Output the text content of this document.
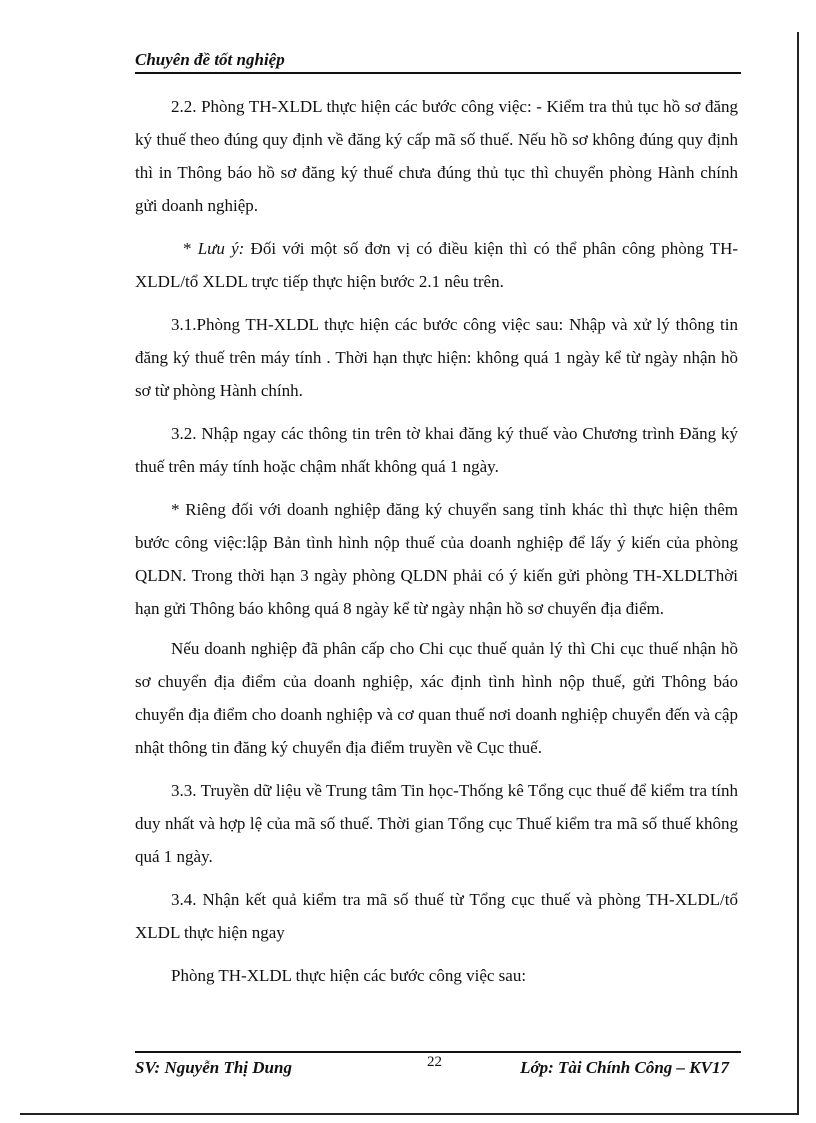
Chuyên đề tốt nghiệp

2.2. Phòng TH-XLDL thực hiện các bước công việc: - Kiểm tra thủ tục hồ sơ đăng ký thuế theo đúng quy định về đăng ký cấp mã số thuế. Nếu hồ sơ không đúng quy định thì in Thông báo hồ sơ đăng ký thuế chưa đúng thủ tục thì chuyển phòng Hành chính gửi doanh nghiệp.

* Lưu ý: Đối với một số đơn vị có điều kiện thì có thể phân công phòng TH-XLDL/tổ XLDL trực tiếp thực hiện bước 2.1 nêu trên.

3.1.Phòng TH-XLDL thực hiện các bước công việc sau: Nhập và xử lý thông tin đăng ký thuế trên máy tính . Thời hạn thực hiện: không quá 1 ngày kể từ ngày nhận hồ sơ từ phòng Hành chính.

3.2. Nhập ngay các thông tin trên tờ khai đăng ký thuế vào Chương trình Đăng ký thuế trên máy tính hoặc chậm nhất không quá 1 ngày.

* Riêng đối với doanh nghiệp đăng ký chuyển sang tỉnh khác thì thực hiện thêm bước công việc:lập Bản tình hình nộp thuế của doanh nghiệp để lấy ý kiến của phòng QLDN. Trong thời hạn 3 ngày phòng QLDN phải có ý kiến gửi phòng TH-XLDLThời hạn gửi Thông báo không quá 8 ngày kể từ ngày nhận hồ sơ chuyển địa điểm.

Nếu doanh nghiệp đã phân cấp cho Chi cục thuế quản lý thì Chi cục thuế nhận hồ sơ chuyển địa điểm của doanh nghiệp, xác định tình hình nộp thuế, gửi Thông báo chuyển địa điểm cho doanh nghiệp và cơ quan thuế nơi doanh nghiệp chuyển đến và cập nhật thông tin đăng ký chuyển địa điểm truyền về Cục thuế.

3.3. Truyền dữ liệu về Trung tâm Tin học-Thống kê Tổng cục thuế để kiểm tra tính duy nhất và hợp lệ của mã số thuế. Thời gian Tổng cục Thuế kiểm tra mã số thuế không quá 1 ngày.

3.4. Nhận kết quả kiểm tra mã số thuế từ Tổng cục thuế và phòng TH-XLDL/tổ XLDL thực hiện ngay

Phòng TH-XLDL thực hiện các bước công việc sau:

SV: Nguyễn Thị Dung	22	Lớp: Tài Chính Công – KV17
